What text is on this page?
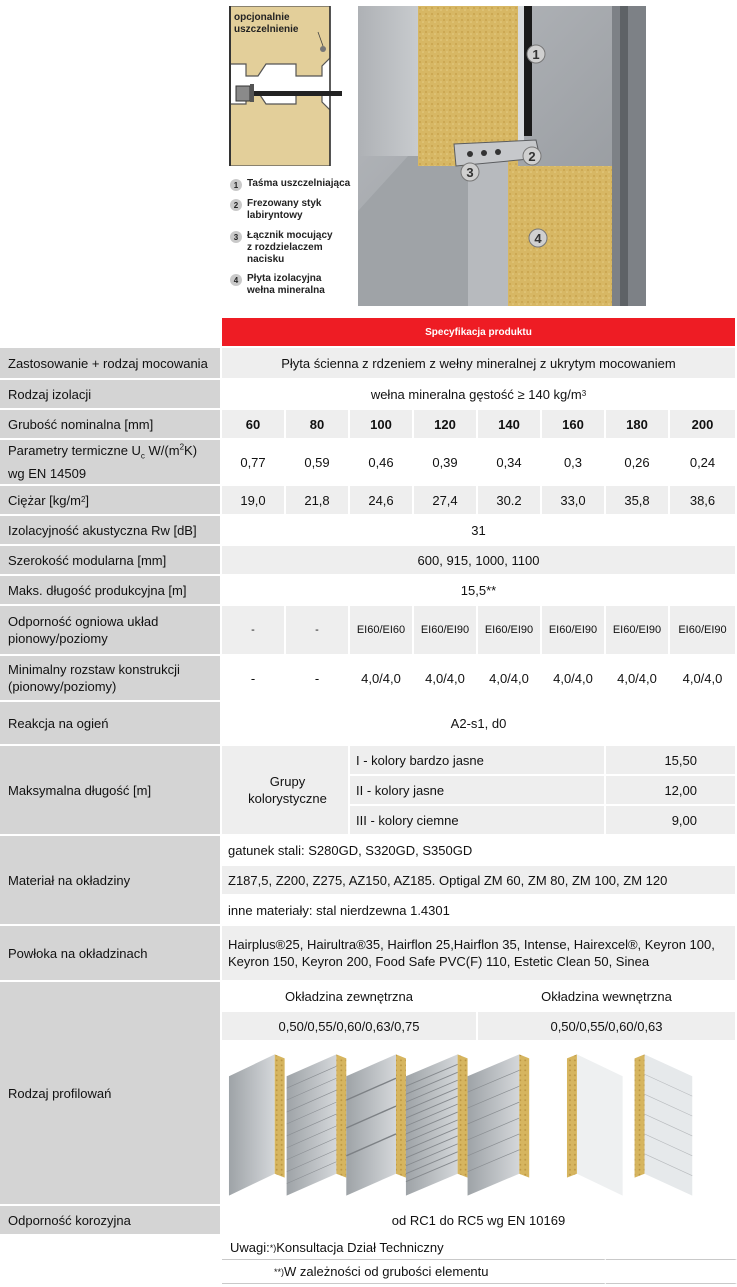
opcjonalnie
uszczelnienie
1 Taśma uszczelniająca
2 Frezowany styk
labiryntowy
3 Łącznik mocujący
z rozdzielaczem
nacisku
4 Płyta izolacyjna
wełna mineralna
1
2
3
4
Specyfikacja produktu
Zastosowanie + rodzaj mocowania	Płyta ścienna z rdzeniem z wełny mineralnej z ukrytym mocowaniem
Rodzaj izolacji	wełna mineralna gęstość ≥ 140 kg/m 3
Grubość nominalna [mm]	60	80	100	120	140	160	180	200
Parametry termiczne $U_c$ $W/(m^2K)$
wg EN 14509
0,77	0,59	0,46	0,39	0,34	0,3	0,26	0,24
Ciężar [kg/m 2 ]	19,0	21,8	24,6	27,4	30.2	33,0	35,8	38,6
Izolacyjność akustyczna Rw [dB]	31
Szerokość modularna [mm]	600, 915, 1000, 1100
Maks. długość produkcyjna [m]	15,5**
Odporność ogniowa układ pionowy/poziomy
-	-	EI60/EI60	EI60/EI90	EI60/EI90	EI60/EI90	EI60/EI90	EI60/EI90
Minimalny rozstaw konstrukcji (pionowy/poziomy)
-	-	4,0/4,0	4,0/4,0	4,0/4,0	4,0/4,0	4,0/4,0	4,0/4,0
Reakcja na ogień	A2-s1, d0
Maksymalna długość [m]
Grupy kolorystyczne
I - kolory bardzo jasne	15,50
II - kolory jasne	12,00
III - kolory ciemne	9,00
Materiał na okładziny
gatunek stali: S280GD, S320GD, S350GD
Z187,5, Z200, Z275, AZ150, AZ185. Optigal ZM 60, ZM 80, ZM 100, ZM 120
inne materiały: stal nierdzewna 1.4301
Powłoka na okładzinach
Hairplus®25, Hairultra®35, Hairflon 25,Hairflon 35, Intense, Hairexcel®, Keyron 100, Keyron 150, Keyron 200, Food Safe PVC(F) 110, Estetic Clean 50, Sinea
Rodzaj profilowań
Okładzina zewnętrzna	Okładzina wewnętrzna
0,50/0,55/0,60/0,63/0,75	0,50/0,55/0,60/0,63
Odporność korozyjna	od RC1 do RC5 wg EN 10169
Uwagi: *) Konsultacja Dział Techniczny
**) W zależności od grubości elementu
